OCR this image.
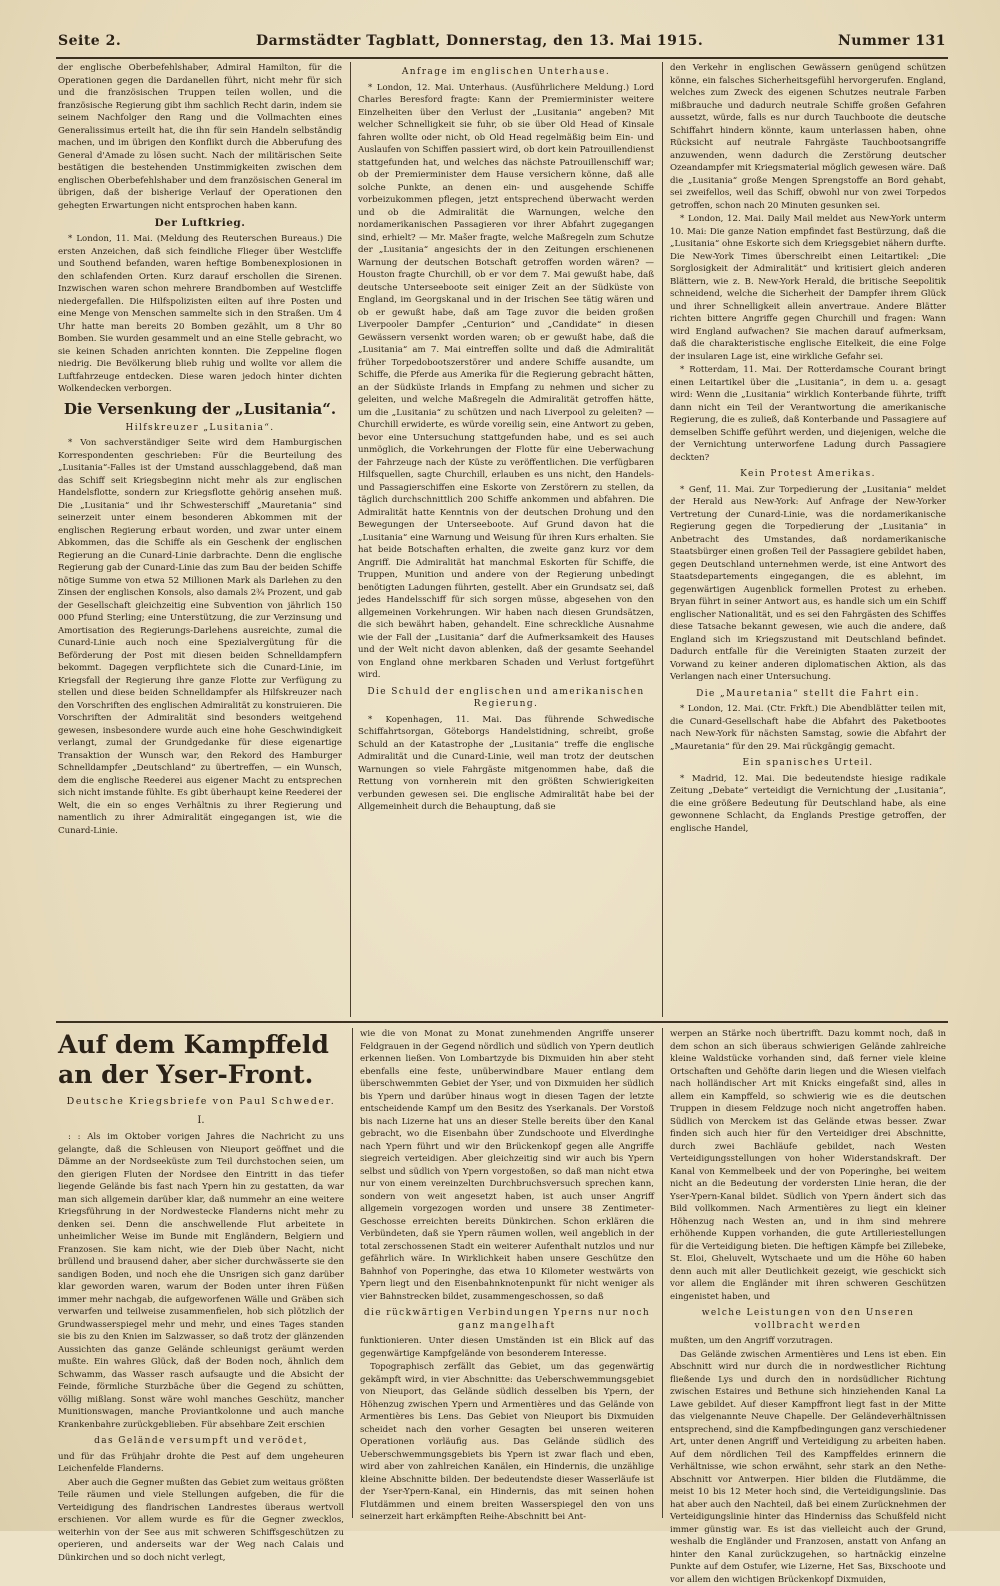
Seite 2.	Darmstädter Tagblatt, Donnerstag, den 13. Mai 1915.	Nummer 131

der englische Oberbefehlshaber, Admiral Hamilton, für die Operationen gegen die Dardanellen führt, nicht mehr für sich und die französischen Truppen teilen wollen, und die französische Regierung gibt ihm sachlich Recht darin, indem sie seinem Nachfolger den Rang und die Vollmachten eines Generalissimus erteilt hat, die ihn für sein Handeln selbständig machen, und im übrigen den Konflikt durch die Abberufung des General d'Amade zu lösen sucht. Nach der militärischen Seite bestätigen die bestehenden Unstimmigkeiten zwischen dem englischen Oberbefehlshaber und dem französischen General im übrigen, daß der bisherige Verlauf der Operationen den gehegten Erwartungen nicht entsprochen haben kann.

Der Luftkrieg.

* London, 11. Mai. (Meldung des Reuterschen Bureaus.) Die ersten Anzeichen, daß sich feindliche Flieger über Westcliffe und Southend befanden, waren heftige Bombenexplosionen in den schlafenden Orten. Kurz darauf erschollen die Sirenen. Inzwischen waren schon mehrere Brandbomben auf Westcliffe niedergefallen. Die Hilfspolizisten eilten auf ihre Posten und eine Menge von Menschen sammelte sich in den Straßen. Um 4 Uhr hatte man bereits 20 Bomben gezählt, um 8 Uhr 80 Bomben. Sie wurden gesammelt und an eine Stelle gebracht, wo sie keinen Schaden anrichten konnten. Die Zeppeline flogen niedrig. Die Bevölkerung blieb ruhig und wollte vor allem die Luftfahrzeuge entdecken. Diese waren jedoch hinter dichten Wolkendecken verborgen.

Die Versenkung der „Lusitania“.
Hilfskreuzer „Lusitania“.

* Von sachverständiger Seite wird dem Hamburgischen Korrespondenten geschrieben: Für die Beurteilung des „Lusitania“-Falles ist der Umstand ausschlaggebend, daß man das Schiff seit Kriegsbeginn nicht mehr als zur englischen Handelsflotte, sondern zur Kriegsflotte gehörig ansehen muß. Die „Lusitania“ und ihr Schwesterschiff „Mauretania“ sind seinerzeit unter einem besonderen Abkommen mit der englischen Regierung erbaut worden, und zwar unter einem Abkommen, das die Schiffe als ein Geschenk der englischen Regierung an die Cunard-Linie darbrachte. Denn die englische Regierung gab der Cunard-Linie das zum Bau der beiden Schiffe nötige Summe von etwa 52 Millionen Mark als Darlehen zu den Zinsen der englischen Konsols, also damals 2¾ Prozent, und gab der Gesellschaft gleichzeitig eine Subvention von jährlich 150 000 Pfund Sterling; eine Unterstützung, die zur Verzinsung und Amortisation des Regierungs-Darlehens ausreichte, zumal die Cunard-Linie auch noch eine Spezialvergütung für die Beförderung der Post mit diesen beiden Schnelldampfern bekommt. Dagegen verpflichtete sich die Cunard-Linie, im Kriegsfall der Regierung ihre ganze Flotte zur Verfügung zu stellen und diese beiden Schnelldampfer als Hilfskreuzer nach den Vorschriften des englischen Admiralität zu konstruieren. Die Vorschriften der Admiralität sind besonders weitgehend gewesen, insbesondere wurde auch eine hohe Geschwindigkeit verlangt, zumal der Grundgedanke für diese eigenartige Transaktion der Wunsch war, den Rekord des Hamburger Schnelldampfer „Deutschland“ zu übertreffen, — ein Wunsch, dem die englische Reederei aus eigener Macht zu entsprechen sich nicht imstande fühlte. Es gibt überhaupt keine Reederei der Welt, die ein so enges Verhältnis zu ihrer Regierung und namentlich zu ihrer Admiralität eingegangen ist, wie die Cunard-Linie.

Anfrage im englischen Unterhause.

* London, 12. Mai. Unterhaus. (Ausführlichere Meldung.) Lord Charles Beresford fragte: Kann der Premierminister weitere Einzelheiten über den Verlust der „Lusitania“ angeben? Mit welcher Schnelligkeit sie fuhr, ob sie über Old Head of Kinsale fahren wollte oder nicht, ob Old Head regelmäßig beim Ein- und Auslaufen von Schiffen passiert wird, ob dort kein Patrouillendienst stattgefunden hat, und welches das nächste Patrouillenschiff war; ob der Premierminister dem Hause versichern könne, daß alle solche Punkte, an denen ein- und ausgehende Schiffe vorbeizukommen pflegen, jetzt entsprechend überwacht werden und ob die Admiralität die Warnungen, welche den nordamerikanischen Passagieren vor ihrer Abfahrt zugegangen sind, erhielt? — Mr. Mašer fragte, welche Maßregeln zum Schutze der „Lusitania“ angesichts der in den Zeitungen erschienenen Warnung der deutschen Botschaft getroffen worden wären? — Houston fragte Churchill, ob er vor dem 7. Mai gewußt habe, daß deutsche Unterseeboote seit einiger Zeit an der Südküste von England, im Georgskanal und in der Irischen See tätig wären und ob er gewußt habe, daß am Tage zuvor die beiden großen Liverpooler Dampfer „Centurion“ und „Candidate“ in diesen Gewässern versenkt worden waren; ob er gewußt habe, daß die „Lusitania“ am 7. Mai eintreffen sollte und daß die Admiralität früher Torpedobootszerstörer und andere Schiffe ausandte, um Schiffe, die Pferde aus Amerika für die Regierung gebracht hätten, an der Südküste Irlands in Empfang zu nehmen und sicher zu geleiten, und welche Maßregeln die Admiralität getroffen hätte, um die „Lusitania“ zu schützen und nach Liverpool zu geleiten? — Churchill erwiderte, es würde voreilig sein, eine Antwort zu geben, bevor eine Untersuchung stattgefunden habe, und es sei auch unmöglich, die Vorkehrungen der Flotte für eine Ueberwachung der Fahrzeuge nach der Küste zu veröffentlichen. Die verfügbaren Hilfsquellen, sagte Churchill, erlauben es uns nicht, den Handels- und Passagierschiffen eine Eskorte von Zerstörern zu stellen, da täglich durchschnittlich 200 Schiffe ankommen und abfahren. Die Admiralität hatte Kenntnis von der deutschen Drohung und den Bewegungen der Unterseeboote. Auf Grund davon hat die „Lusitania“ eine Warnung und Weisung für ihren Kurs erhalten. Sie hat beide Botschaften erhalten, die zweite ganz kurz vor dem Angriff. Die Admiralität hat manchmal Eskorten für Schiffe, die Truppen, Munition und andere von der Regierung unbedingt benötigten Ladungen führten, gestellt. Aber ein Grundsatz sei, daß jedes Handelsschiff für sich sorgen müsse, abgesehen von den allgemeinen Vorkehrungen. Wir haben nach diesen Grundsätzen, die sich bewährt haben, gehandelt. Eine schreckliche Ausnahme wie der Fall der „Lusitania“ darf die Aufmerksamkeit des Hauses und der Welt nicht davon ablenken, daß der gesamte Seehandel von England ohne merkbaren Schaden und Verlust fortgeführt wird.

Die Schuld der englischen und amerikanischen Regierung.

* Kopenhagen, 11. Mai. Das führende Schwedische Schiffahrtsorgan, Göteborgs Handelstidning, schreibt, große Schuld an der Katastrophe der „Lusitania“ treffe die englische Admiralität und die Cunard-Linie, weil man trotz der deutschen Warnungen so viele Fahrgäste mitgenommen habe, daß die Rettung von vornherein mit den größten Schwierigkeiten verbunden gewesen sei. Die englische Admiralität habe bei der Allgemeinheit durch die Behauptung, daß sie

den Verkehr in englischen Gewässern genügend schützen könne, ein falsches Sicherheitsgefühl hervorgerufen. England, welches zum Zweck des eigenen Schutzes neutrale Farben mißbrauche und dadurch neutrale Schiffe großen Gefahren aussetzt, würde, falls es nur durch Tauchboote die deutsche Schiffahrt hindern könnte, kaum unterlassen haben, ohne Rücksicht auf neutrale Fahrgäste Tauchbootsangriffe anzuwenden, wenn dadurch die Zerstörung deutscher Ozeandampfer mit Kriegsmaterial möglich gewesen wäre. Daß die „Lusitania“ große Mengen Sprengstoffe an Bord gehabt, sei zweifellos, weil das Schiff, obwohl nur von zwei Torpedos getroffen, schon nach 20 Minuten gesunken sei.

* London, 12. Mai. Daily Mail meldet aus New-York unterm 10. Mai: Die ganze Nation empfindet fast Bestürzung, daß die „Lusitania“ ohne Eskorte sich dem Kriegsgebiet nähern durfte. Die New-York Times überschreibt einen Leitartikel: „Die Sorglosigkeit der Admiralität“ und kritisiert gleich anderen Blättern, wie z. B. New-York Herald, die britische Seepolitik schneidend, welche die Sicherheit der Dampfer ihrem Glück und ihrer Schnelligkeit allein anvertraue. Andere Blätter richten bittere Angriffe gegen Churchill und fragen: Wann wird England aufwachen? Sie machen darauf aufmerksam, daß die charakteristische englische Eitelkeit, die eine Folge der insularen Lage ist, eine wirkliche Gefahr sei.

* Rotterdam, 11. Mai. Der Rotterdamsche Courant bringt einen Leitartikel über die „Lusitania“, in dem u. a. gesagt wird: Wenn die „Lusitania“ wirklich Konterbande führte, trifft dann nicht ein Teil der Verantwortung die amerikanische Regierung, die es zuließ, daß Konterbande und Passagiere auf demselben Schiffe geführt werden, und diejenigen, welche die der Vernichtung unterworfene Ladung durch Passagiere deckten?

Kein Protest Amerikas.

* Genf, 11. Mai. Zur Torpedierung der „Lusitania“ meldet der Herald aus New-York: Auf Anfrage der New-Yorker Vertretung der Cunard-Linie, was die nordamerikanische Regierung gegen die Torpedierung der „Lusitania“ in Anbetracht des Umstandes, daß nordamerikanische Staatsbürger einen großen Teil der Passagiere gebildet haben, gegen Deutschland unternehmen werde, ist eine Antwort des Staatsdepartements eingegangen, die es ablehnt, im gegenwärtigen Augenblick formellen Protest zu erheben. Bryan führt in seiner Antwort aus, es handle sich um ein Schiff englischer Nationalität, und es sei den Fahrgästen des Schiffes diese Tatsache bekannt gewesen, wie auch die andere, daß England sich im Kriegszustand mit Deutschland befindet. Dadurch entfalle für die Vereinigten Staaten zurzeit der Vorwand zu keiner anderen diplomatischen Aktion, als das Verlangen nach einer Untersuchung.

Die „Mauretania“ stellt die Fahrt ein.

* London, 12. Mai. (Ctr. Frkft.) Die Abendblätter teilen mit, die Cunard-Gesellschaft habe die Abfahrt des Paketbootes nach New-York für nächsten Samstag, sowie die Abfahrt der „Mauretania“ für den 29. Mai rückgängig gemacht.

Ein spanisches Urteil.

* Madrid, 12. Mai. Die bedeutendste hiesige radikale Zeitung „Debate“ verteidigt die Vernichtung der „Lusitania“, die eine größere Bedeutung für Deutschland habe, als eine gewonnene Schlacht, da Englands Prestige getroffen, der englische Handel,

Auf dem Kampffeld an der Yser-Front.
Deutsche Kriegsbriefe von Paul Schweder.
I.

: : Als im Oktober vorigen Jahres die Nachricht zu uns gelangte, daß die Schleusen von Nieuport geöffnet und die Dämme an der Nordseeküste zum Teil durchstochen seien, um den gierigen Fluten der Nordsee den Eintritt in das tiefer liegende Gelände bis fast nach Ypern hin zu gestatten, da war man sich allgemein darüber klar, daß nummehr an eine weitere Kriegsführung in der Nordwestecke Flanderns nicht mehr zu denken sei. Denn die anschwellende Flut arbeitete in unheimlicher Weise im Bunde mit Engländern, Belgiern und Franzosen. Sie kam nicht, wie der Dieb über Nacht, nicht brüllend und brausend daher, aber sicher durchwässerte sie den sandigen Boden, und noch ehe die Unsrigen sich ganz darüber klar geworden waren, warum der Boden unter ihren Füßen immer mehr nachgab, die aufgeworfenen Wälle und Gräben sich verwarfen und teilweise zusammenfielen, hob sich plötzlich der Grundwasserspiegel mehr und mehr, und eines Tages standen sie bis zu den Knien im Salzwasser, so daß trotz der glänzenden Aussichten das ganze Gelände schleunigst geräumt werden mußte. Ein wahres Glück, daß der Boden noch, ähnlich dem Schwamm, das Wasser rasch aufsaugte und die Absicht der Feinde, förmliche Sturzbäche über die Gegend zu schütten, völlig mißlang. Sonst wäre wohl manches Geschütz, mancher Munitionswagen, manche Proviantkolonne und auch manche Krankenbahre zurückgeblieben. Für absehbare Zeit erschien

das Gelände versumpft und verödet,

und für das Frühjahr drohte die Pest auf dem ungeheuren Leichenfelde Flanderns.

Aber auch die Gegner mußten das Gebiet zum weitaus größten Teile räumen und viele Stellungen aufgeben, die für die Verteidigung des flandrischen Landrestes überaus wertvoll erschienen. Vor allem wurde es für die Gegner zwecklos, weiterhin von der See aus mit schweren Schiffsgeschützen zu operieren, und anderseits war der Weg nach Calais und Dünkirchen und so doch nicht verlegt,

wie die von Monat zu Monat zunehmenden Angriffe unserer Feldgrauen in der Gegend nördlich und südlich von Ypern deutlich erkennen ließen. Von Lombartzyde bis Dixmuiden hin aber steht ebenfalls eine feste, unüberwindbare Mauer entlang dem überschwemmten Gebiet der Yser, und von Dixmuiden her südlich bis Ypern und darüber hinaus wogt in diesen Tagen der letzte entscheidende Kampf um den Besitz des Yserkanals. Der Vorstoß bis nach Lizerne hat uns an dieser Stelle bereits über den Kanal gebracht, wo die Eisenbahn über Zundschoote und Elverdinghe nach Ypern führt und wir den Brückenkopf gegen alle Angriffe siegreich verteidigen. Aber gleichzeitig sind wir auch bis Ypern selbst und südlich von Ypern vorgestoßen, so daß man nicht etwa nur von einem vereinzelten Durchbruchsversuch sprechen kann, sondern von weit angesetzt haben, ist auch unser Angriff allgemein vorgezogen worden und unsere 38 Zentimeter-Geschosse erreichten bereits Dünkirchen. Schon erklären die Verbündeten, daß sie Ypern räumen wollen, weil angeblich in der total zerschossenen Stadt ein weiterer Aufenthalt nutzlos und nur gefährlich wäre. In Wirklichkeit haben unsere Geschütze den Bahnhof von Poperinghe, das etwa 10 Kilometer westwärts von Ypern liegt und den Eisenbahnknotenpunkt für nicht weniger als vier Bahnstrecken bildet, zusammengeschossen, so daß

die rückwärtigen Verbindungen Yperns nur noch ganz mangelhaft

funktionieren. Unter diesen Umständen ist ein Blick auf das gegenwärtige Kampfgelände von besonderem Interesse.

Topographisch zerfällt das Gebiet, um das gegenwärtig gekämpft wird, in vier Abschnitte: das Ueberschwemmungsgebiet von Nieuport, das Gelände südlich desselben bis Ypern, der Höhenzug zwischen Ypern und Armentières und das Gelände von Armentières bis Lens. Das Gebiet von Nieuport bis Dixmuiden scheidet nach den vorher Gesagten bei unseren weiteren Operationen vorläufig aus. Das Gelände südlich des Ueberschwemmungsgebiets bis Ypern ist zwar flach und eben, wird aber von zahlreichen Kanälen, ein Hindernis, die unzählige kleine Abschnitte bilden. Der bedeutendste dieser Wasserläufe ist der Yser-Ypern-Kanal, ein Hindernis, das mit seinen hohen Flutdämmen und einem breiten Wasserspiegel den von uns seinerzeit hart erkämpften Reihe-Abschnitt bei Ant-

werpen an Stärke noch übertrifft. Dazu kommt noch, daß in dem schon an sich überaus schwierigen Gelände zahlreiche kleine Waldstücke vorhanden sind, daß ferner viele kleine Ortschaften und Gehöfte darin liegen und die Wiesen vielfach nach holländischer Art mit Knicks eingefaßt sind, alles in allem ein Kampffeld, so schwierig wie es die deutschen Truppen in diesem Feldzuge noch nicht angetroffen haben. Südlich von Merckem ist das Gelände etwas besser. Zwar finden sich auch hier für den Verteidiger drei Abschnitte, durch zwei Bachläufe gebildet, nach Westen Verteidigungsstellungen von hoher Widerstandskraft. Der Kanal von Kemmelbeek und der von Poperinghe, bei weitem nicht an die Bedeutung der vordersten Linie heran, die der Yser-Ypern-Kanal bildet. Südlich von Ypern ändert sich das Bild vollkommen. Nach Armentières zu liegt ein kleiner Höhenzug nach Westen an, und in ihm sind mehrere erhöhende Kuppen vorhanden, die gute Artilleriestellungen für die Verteidigung bieten. Die heftigen Kämpfe bei Zillebeke, St. Eloi, Gheluvelt, Wytschaete und um die Höhe 60 haben denn auch mit aller Deutlichkeit gezeigt, wie geschickt sich vor allem die Engländer mit ihren schweren Geschützen eingenistet haben, und

welche Leistungen von den Unseren vollbracht werden

mußten, um den Angriff vorzutragen.

Das Gelände zwischen Armentières und Lens ist eben. Ein Abschnitt wird nur durch die in nordwestlicher Richtung fließende Lys und durch den in nordsüdlicher Richtung zwischen Estaires und Bethune sich hinziehenden Kanal La Lawe gebildet. Auf dieser Kampffront liegt fast in der Mitte das vielgenannte Neuve Chapelle. Der Geländeverhältnissen entsprechend, sind die Kampfbedingungen ganz verschiedener Art, unter denen Angriff und Verteidigung zu arbeiten haben. Auf dem nördlichen Teil des Kampffeldes erinnern die Verhältnisse, wie schon erwähnt, sehr stark an den Nethe-Abschnitt vor Antwerpen. Hier bilden die Flutdämme, die meist 10 bis 12 Meter hoch sind, die Verteidigungslinie. Das hat aber auch den Nachteil, daß bei einem Zurücknehmen der Verteidigungslinie hinter das Hinderniss das Schußfeld nicht immer günstig war. Es ist das vielleicht auch der Grund, weshalb die Engländer und Franzosen, anstatt von Anfang an hinter den Kanal zurückzugehen, so hartnäckig einzelne Punkte auf dem Ostufer, wie Lizerne, Het Sas, Bixschoote und vor allem den wichtigen Brückenkopf Dixmuiden,
